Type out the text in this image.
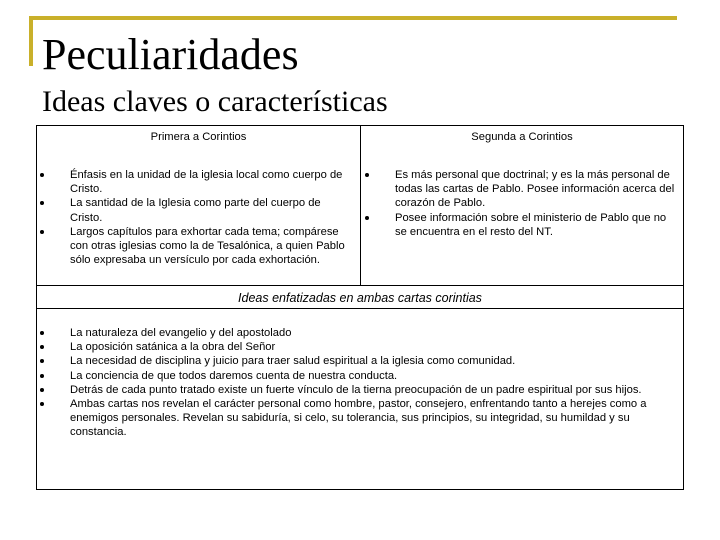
Peculiaridades
Ideas claves o características
Primera a Corintios	Segunda a Corintios
Énfasis en la unidad de la iglesia local como cuerpo de Cristo.
La santidad de la Iglesia como parte del cuerpo de Cristo.
Largos capítulos para exhortar cada tema; compárese con otras iglesias como la de Tesalónica, a quien Pablo sólo expresaba un versículo por cada exhortación.
Es más personal que doctrinal; y es la más personal de todas las cartas de Pablo. Posee información acerca del corazón de Pablo.
Posee información sobre el ministerio de Pablo que no se encuentra en el resto del NT.
Ideas enfatizadas en ambas cartas corintias
La naturaleza del evangelio y del apostolado
La oposición satánica a la obra del Señor
La necesidad de disciplina y juicio para traer salud espiritual a la iglesia como comunidad.
La conciencia de que todos daremos cuenta de nuestra conducta.
Detrás de cada punto tratado existe un fuerte vínculo de la tierna preocupación de un padre espiritual por sus hijos.
Ambas cartas nos revelan el carácter personal como hombre, pastor, consejero, enfrentando tanto a herejes como a enemigos personales. Revelan su sabiduría, si celo, su tolerancia, sus principios, su integridad, su humildad y su constancia.
